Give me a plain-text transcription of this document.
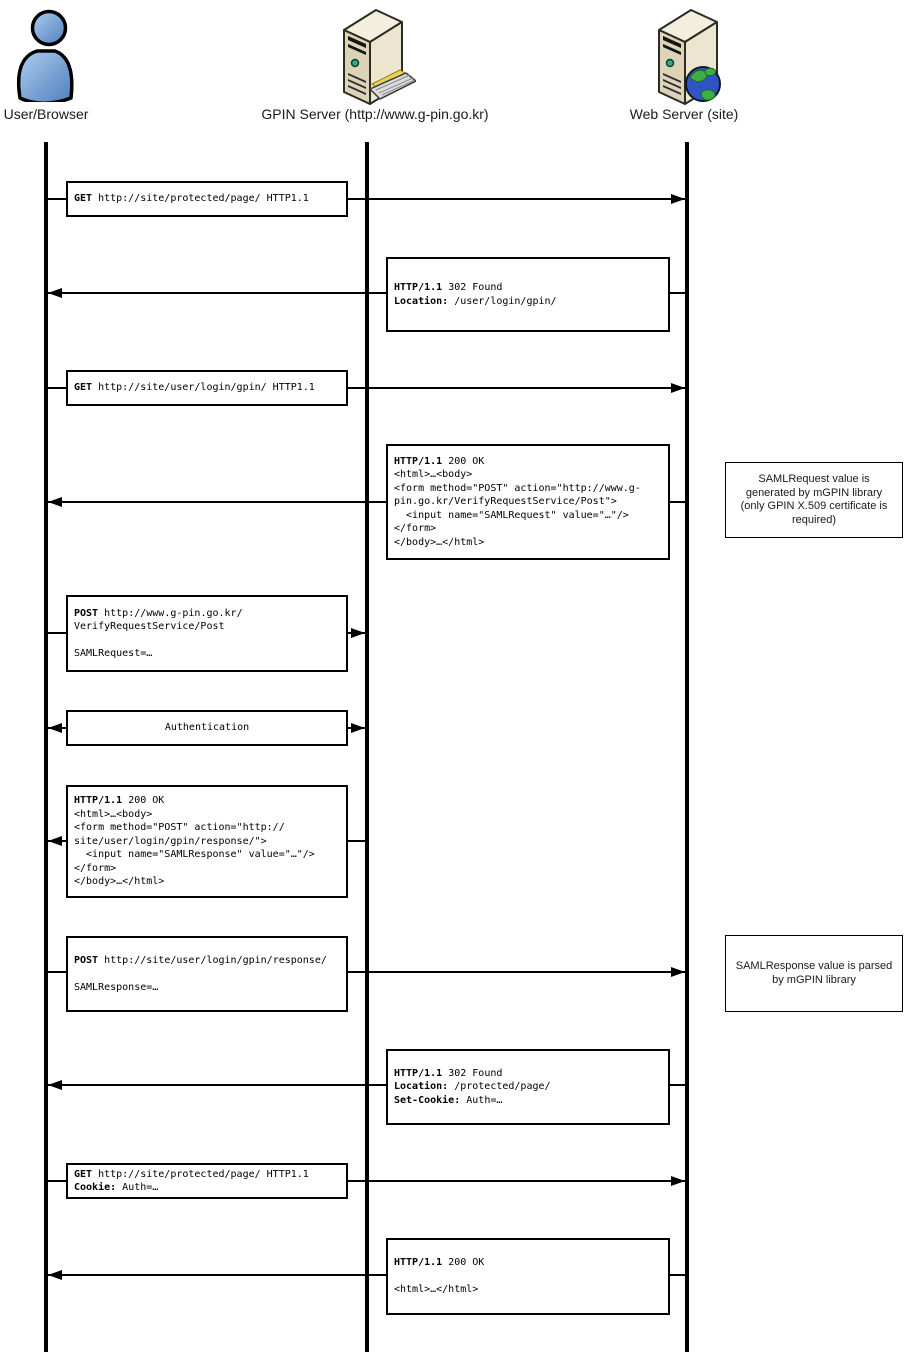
User/Browser	GPIN Server (http://www.g-pin.go.kr)	Web Server (site)
GET http://site/protected/page/ HTTP1.1
HTTP/1.1 302 Found
Location: /user/login/gpin/
GET http://site/user/login/gpin/ HTTP1.1
HTTP/1.1 200 OK
<html>…<body>
<form method="POST" action="http://www.g-
pin.go.kr/VerifyRequestService/Post">
<input name="SAMLRequest" value="…"/>
</form>
</body>…</html>
POST http://www.g-pin.go.kr/
VerifyRequestService/Post
SAMLRequest=…
Authentication
HTTP/1.1 200 OK
<html>…<body>
<form method="POST" action="http://
site/user/login/gpin/response/">
<input name="SAMLResponse" value="…"/>
</form>
</body>…</html>
POST http://site/user/login/gpin/response/
SAMLResponse=…
HTTP/1.1 302 Found
Location: /protected/page/
Set-Cookie: Auth=…
GET http://site/protected/page/ HTTP1.1
Cookie: Auth=…
HTTP/1.1 200 OK
<html>…</html>
SAMLRequest value is generated by mGPIN library (only GPIN X.509 certificate is required)
SAMLResponse value is parsed by mGPIN library
